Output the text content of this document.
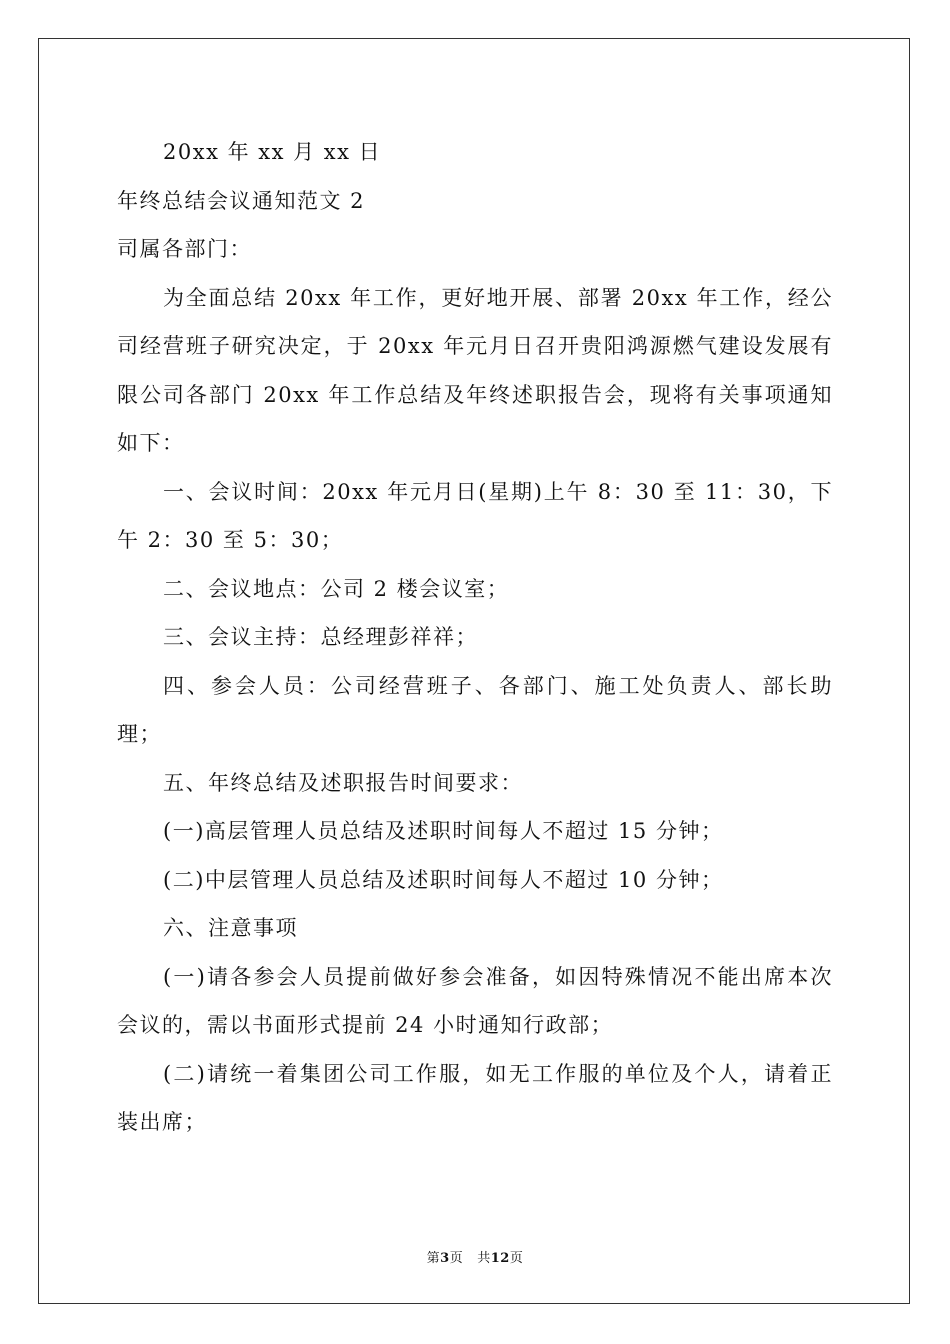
20xx 年 xx 月 xx 日

年终总结会议通知范文 2

司属各部门：

为全面总结 20xx 年工作，更好地开展、部署 20xx 年工作，经公司经营班子研究决定，于 20xx 年元月日召开贵阳鸿源燃气建设发展有限公司各部门 20xx 年工作总结及年终述职报告会，现将有关事项通知如下：

一、会议时间：20xx 年元月日(星期)上午 8：30 至 11：30，下午 2：30 至 5：30；

二、会议地点：公司 2 楼会议室；

三、会议主持：总经理彭祥祥；

四、参会人员：公司经营班子、各部门、施工处负责人、部长助理；

五、年终总结及述职报告时间要求：

(一)高层管理人员总结及述职时间每人不超过 15 分钟；

(二)中层管理人员总结及述职时间每人不超过 10 分钟；

六、注意事项

(一)请各参会人员提前做好参会准备，如因特殊情况不能出席本次会议的，需以书面形式提前 24 小时通知行政部；

(二)请统一着集团公司工作服，如无工作服的单位及个人，请着正装出席；

第3页 共12页
